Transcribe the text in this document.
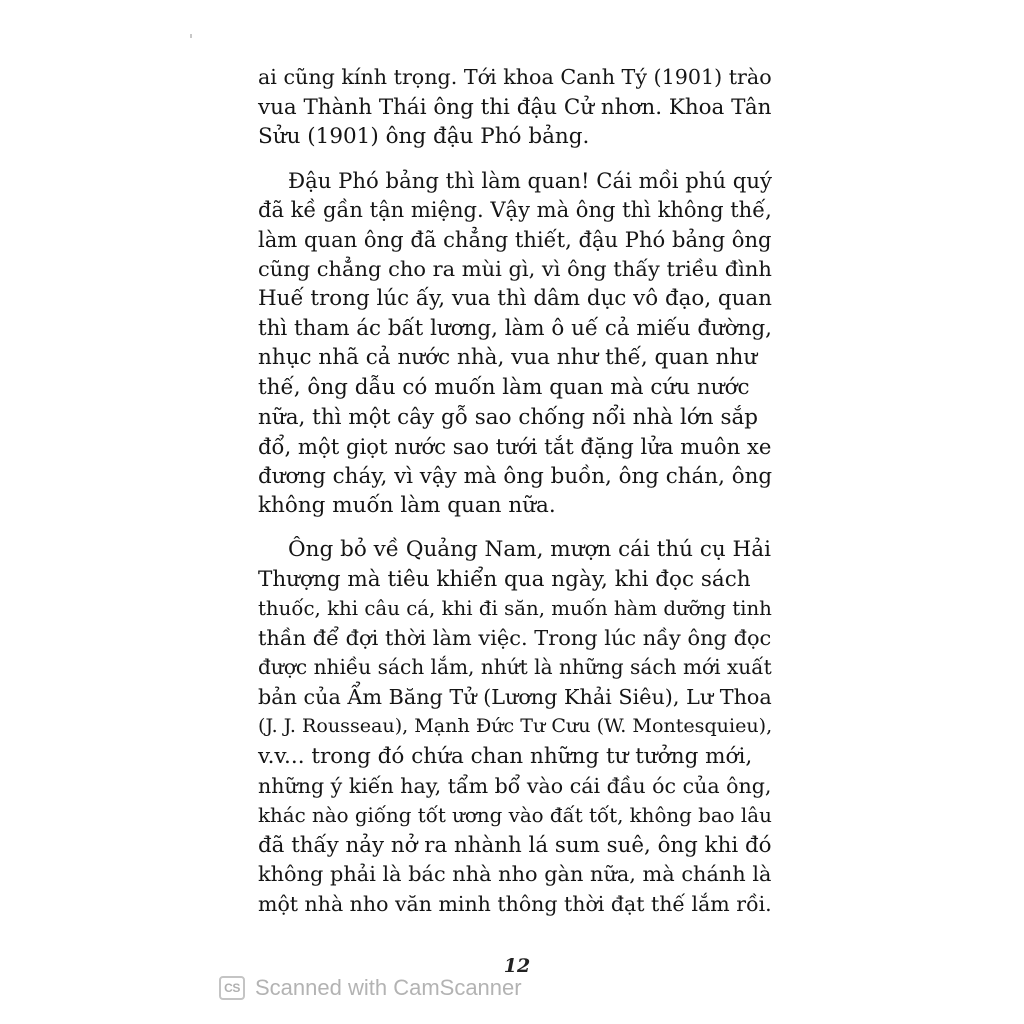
ai cũng kính trọng. Tới khoa Canh Tý (1901) trào
vua Thành Thái ông thi đậu Cử nhơn. Khoa Tân
Sửu (1901) ông đậu Phó bảng.

Đậu Phó bảng thì làm quan! Cái mồi phú quý
đã kề gần tận miệng. Vậy mà ông thì không thế,
làm quan ông đã chẳng thiết, đậu Phó bảng ông
cũng chẳng cho ra mùi gì, vì ông thấy triều đình
Huế trong lúc ấy, vua thì dâm dục vô đạo, quan
thì tham ác bất lương, làm ô uế cả miếu đường,
nhục nhã cả nước nhà, vua như thế, quan như
thế, ông dẫu có muốn làm quan mà cứu nước
nữa, thì một cây gỗ sao chống nổi nhà lớn sắp
đổ, một giọt nước sao tưới tắt đặng lửa muôn xe
đương cháy, vì vậy mà ông buồn, ông chán, ông
không muốn làm quan nữa.

Ông bỏ về Quảng Nam, mượn cái thú cụ Hải
Thượng mà tiêu khiển qua ngày, khi đọc sách
thuốc, khi câu cá, khi đi săn, muốn hàm dưỡng tinh
thần để đợi thời làm việc. Trong lúc nầy ông đọc
được nhiều sách lắm, nhứt là những sách mới xuất
bản của Ẩm Băng Tử (Lương Khải Siêu), Lư Thoa
(J. J. Rousseau), Mạnh Đức Tư Cưu (W. Montesquieu),
v.v... trong đó chứa chan những tư tưởng mới,
những ý kiến hay, tẩm bổ vào cái đầu óc của ông,
khác nào giống tốt ương vào đất tốt, không bao lâu
đã thấy nảy nở ra nhành lá sum suê, ông khi đó
không phải là bác nhà nho gàn nữa, mà chánh là
một nhà nho văn minh thông thời đạt thế lắm rồi.

12
CS Scanned with CamScanner
